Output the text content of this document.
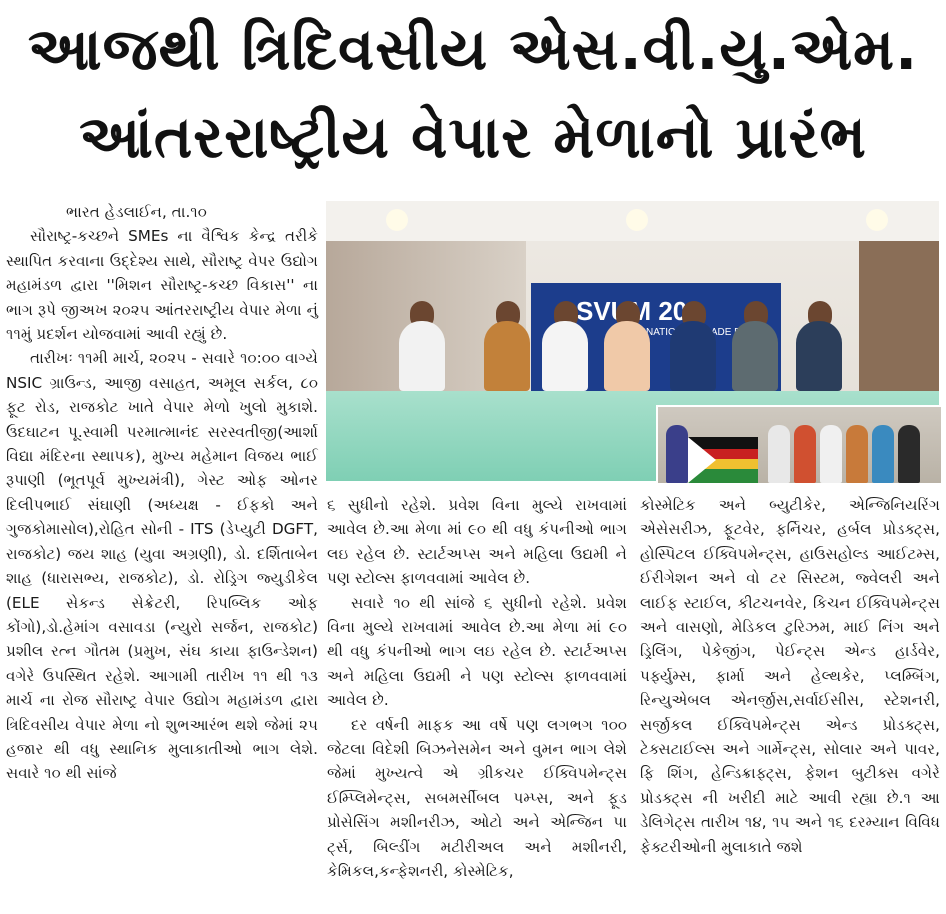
આજથી ત્રિદિવસીય એસ.વી.યુ.એમ.
આંતરરાષ્ટ્રીય વેપાર મેળાનો પ્રારંભ
SVUM 20
INTERNATIONAL TRADE

ભારત હેડલાઈન, તા.૧૦

સૌરાષ્ટ્ર-કચ્છને SMEs ના વૈશ્વિક કેન્દ્ર તરીકે સ્થાપિત કરવાના ઉદ્દેશ્ય સાથે, સૌરાષ્ટ્ર વેપર ઉદ્યોગ મહામંડળ દ્વારા ''મિશન સૌરાષ્ટ્ર-કચ્છ વિકાસ'' ના ભાગ રૂપે જીઅખ ૨૦૨૫ આંતરરાષ્ટ્રીય વેપાર મેળા નું ૧૧મું પ્રદર્શન યોજવામાં આવી રહ્યું છે.

તારીખઃ ૧૧મી માર્ચ, ૨૦૨૫ - સવારે ૧૦:૦૦ વાગ્યે NSIC ગ્રાઉન્ડ, આજી વસાહત, અમૂલ સર્કલ, ૮૦ ફૂટ રોડ, રાજકોટ ખાતે વેપાર મેળો ખુલો મુકાશે. ઉદઘાટન પૂ.સ્વામી પરમાત્માનંદ સરસ્વતીજી(આર્શા વિદ્યા મંદિરના સ્થાપક), મુખ્ય મહેમાન વિજય ભાઈ રૂપાણી (ભૂતપૂર્વ મુખ્યમંત્રી), ગેસ્ટ ઓફ ઓનર દિલીપભાઈ સંઘાણી (અધ્યક્ષ - ઈફકો અને ગુજકોમાસોલ),રોહિત સોની - ITS (ડેપ્યુટી DGFT, રાજકોટ) જય શાહ (યુવા અગ્રણી), ડો. દર્શિતાબેન શાહ (ધારાસભ્ય, રાજકોટ), ડો. રોડ્રિગ જ્યુડીકેલ (ELE સેકન્ડ સેક્રેટરી, રિપબ્લિક ઓફ કોંગો),ડો.હેમાંગ વસાવડા (ન્યુરો સર્જન, રાજકોટ) પ્રશીલ રત્ન ગૌતમ (પ્રમુખ, સંઘ કાયા ફાઉન્ડેશન) વગેરે ઉપસ્થિત રહેશે. આગામી તારીખ ૧૧ થી ૧૩ માર્ચ ના રોજ સૌરાષ્ટ્ર વેપાર ઉદ્યોગ મહામંડળ દ્વારા ત્રિદિવસીય વેપાર મેળા નો શુભઆરંભ થશે જેમાં ૨૫ હજાર થી વધુ સ્થાનિક મુલાકાતીઓ ભાગ લેશે. સવારે ૧૦ થી સાંજે

૬ સુધીનો રહેશે. પ્રવેશ વિના મુલ્યે રાખવામાં આવેલ છે.આ મેળા માં ૯૦ થી વધુ કંપનીઓ ભાગ લઇ રહેલ છે. સ્ટાર્ટઅપ્સ અને મહિલા ઉદ્યમી ને પણ સ્ટોલ્સ ફાળવવામાં આવેલ છે.

સવારે ૧૦ થી સાંજે ૬ સુધીનો રહેશે. પ્રવેશ વિના મુલ્યે રાખવામાં આવેલ છે.આ મેળા માં ૯૦ થી વધુ કંપનીઓ ભાગ લઇ રહેલ છે. સ્ટાર્ટઅપ્સ અને મહિલા ઉદ્યમી ને પણ સ્ટોલ્સ ફાળવવામાં આવેલ છે.

દર વર્ષની માફક આ વર્ષે પણ લગભગ ૧૦૦ જેટલા વિદેશી બિઝનેસમેન અને વુમન ભાગ લેશે જેમાં મુખ્યત્વે એ ગ્રીકચર ઈક્વિપમેન્ટ્સ ઈમ્પ્લિમેન્ટ્સ, સબમર્સીબલ પમ્પ્સ, અને ફૂડ પ્રોસેસિંગ મશીનરીઝ, ઓટો અને એન્જિન પા ર્ટ્સ, બિલ્ડીંગ મટીરીઅલ અને મશીનરી, કેમિકલ,કન્ફેશનરી, કોસ્મેટિક,

કોસ્મેટિક અને બ્યુટીકેર, એન્જિનિયરિંગ એસેસરીઝ, ફૂટવેર, ફર્નિચર, હર્બલ પ્રોડક્ટ્સ, હોસ્પિટલ ઈક્વિપમેન્ટ્સ, હાઉસહોલ્ડ આઈટમ્સ, ઈરીગેશન અને વો ટર સિસ્ટમ, જ્વેલરી અને લાઈફ સ્ટાઈલ, કીટચનવેર, કિચન ઈક્વિપમેન્ટ્સ અને વાસણો, મેડિકલ ટુરિઝમ, માઈ નિંગ અને ડ્રિલિંગ, પેકેજીંગ, પેઈન્ટ્સ એન્ડ હાર્ડવેર, પર્ફ્યુમ્સ, ફાર્મા અને હેલ્થકેર, પ્લમ્બિંગ, રિન્યુએબલ એનર્જીસ,સર્વાઈસીસ, સ્ટેશનરી, સર્જીકલ ઈક્વિપમેન્ટ્સ એન્ડ પ્રોડક્ટ્સ, ટેક્સટાઈલ્સ અને ગાર્મેન્ટ્સ, સોલાર અને પાવર, ફિ શિંગ, હેન્ડિક્રાફ્ટ્સ, ફેશન બુટીક્સ વગેરે પ્રોડક્ટ્સ ની ખરીદી માટે આવી રહ્યા છે.૧ આ ડેલિગેટ્સ તારીખ ૧૪, ૧૫ અને ૧૬ દરમ્યાન વિવિધ ફેક્ટરીઓની મુલાકાતે જશે
